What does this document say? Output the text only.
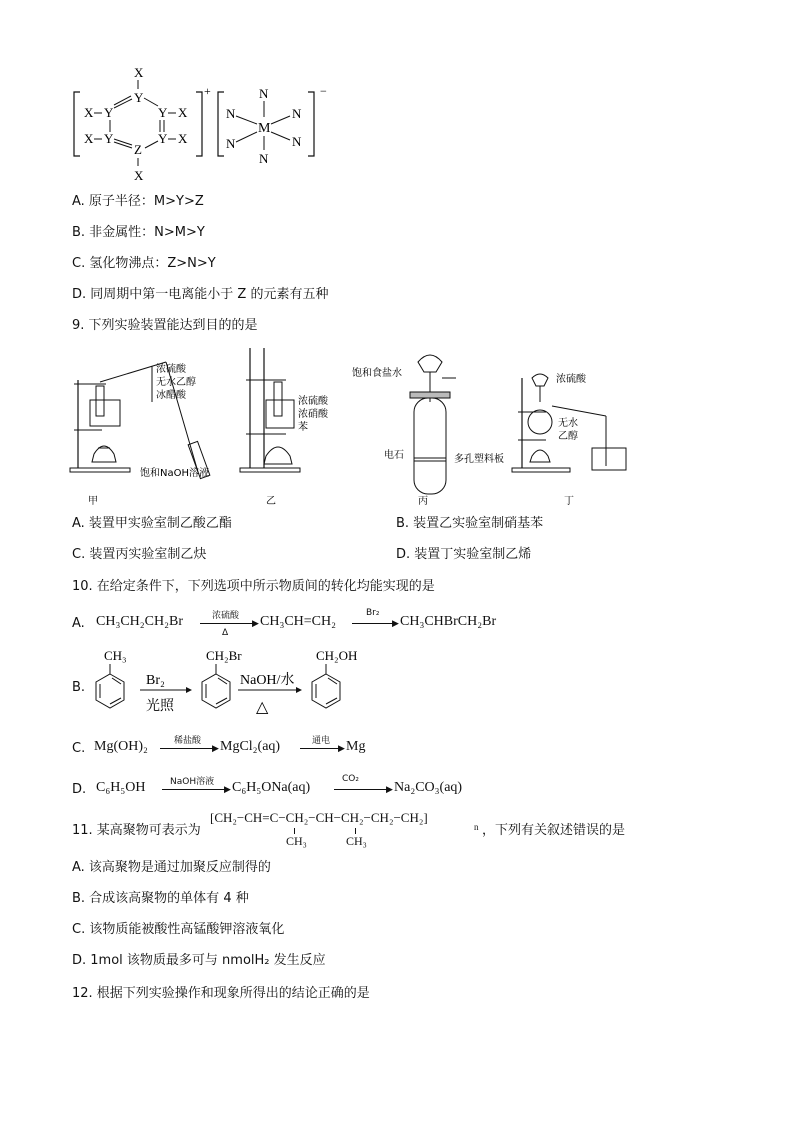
+
X
Y
X Y	Y X
X Y	Y X
Z
X
−
N
N	N
M
N	N
N
A. 原子半径：M>Y>Z
B. 非金属性：N>M>Y
C. 氢化物沸点：Z>N>Y
D. 同周期中第一电离能小于 Z 的元素有五种
9. 下列实验装置能达到目的的是
浓硫酸
无水乙醇
冰醋酸
饱和NaOH溶液
甲
浓硫酸
浓硝酸
苯
乙
饱和食盐水
电石	多孔塑料板
丙
浓硫酸
无水
乙醇
丁
A. 装置甲实验室制乙酸乙酯	B. 装置乙实验室制硝基苯
C. 装置丙实验室制乙炔	D. 装置丁实验室制乙烯
10. 在给定条件下，下列选项中所示物质间的转化均能实现的是
A. CH₃CH₂CH₂Br	浓硫酸
Δ
▶ CH₃CH=CH₂
Br₂
▶ CH₃CHBrCH₂Br
B.
CH₃
Br₂
光照
CH₂Br
NaOH/水
△
CH₂OH
C. Mg(OH)₂	稀盐酸
▶ MgCl₂(aq)	通电
▶ Mg
D. C₆H₅OH	NaOH溶液
▶ C₆H₅ONa(aq)
CO₂
▶ Na₂CO₃(aq)
11. 某高聚物可表示为
[CH₂−CH=C−CH₂−CH−CH₂−CH₂−CH₂]
n
CH₃	CH₃
，下列有关叙述错误的是
A. 该高聚物是通过加聚反应制得的
B. 合成该高聚物的单体有 4 种
C. 该物质能被酸性高锰酸钾溶液氧化
D. 1mol 该物质最多可与 nmolH₂ 发生反应
12. 根据下列实验操作和现象所得出的结论正确的是
